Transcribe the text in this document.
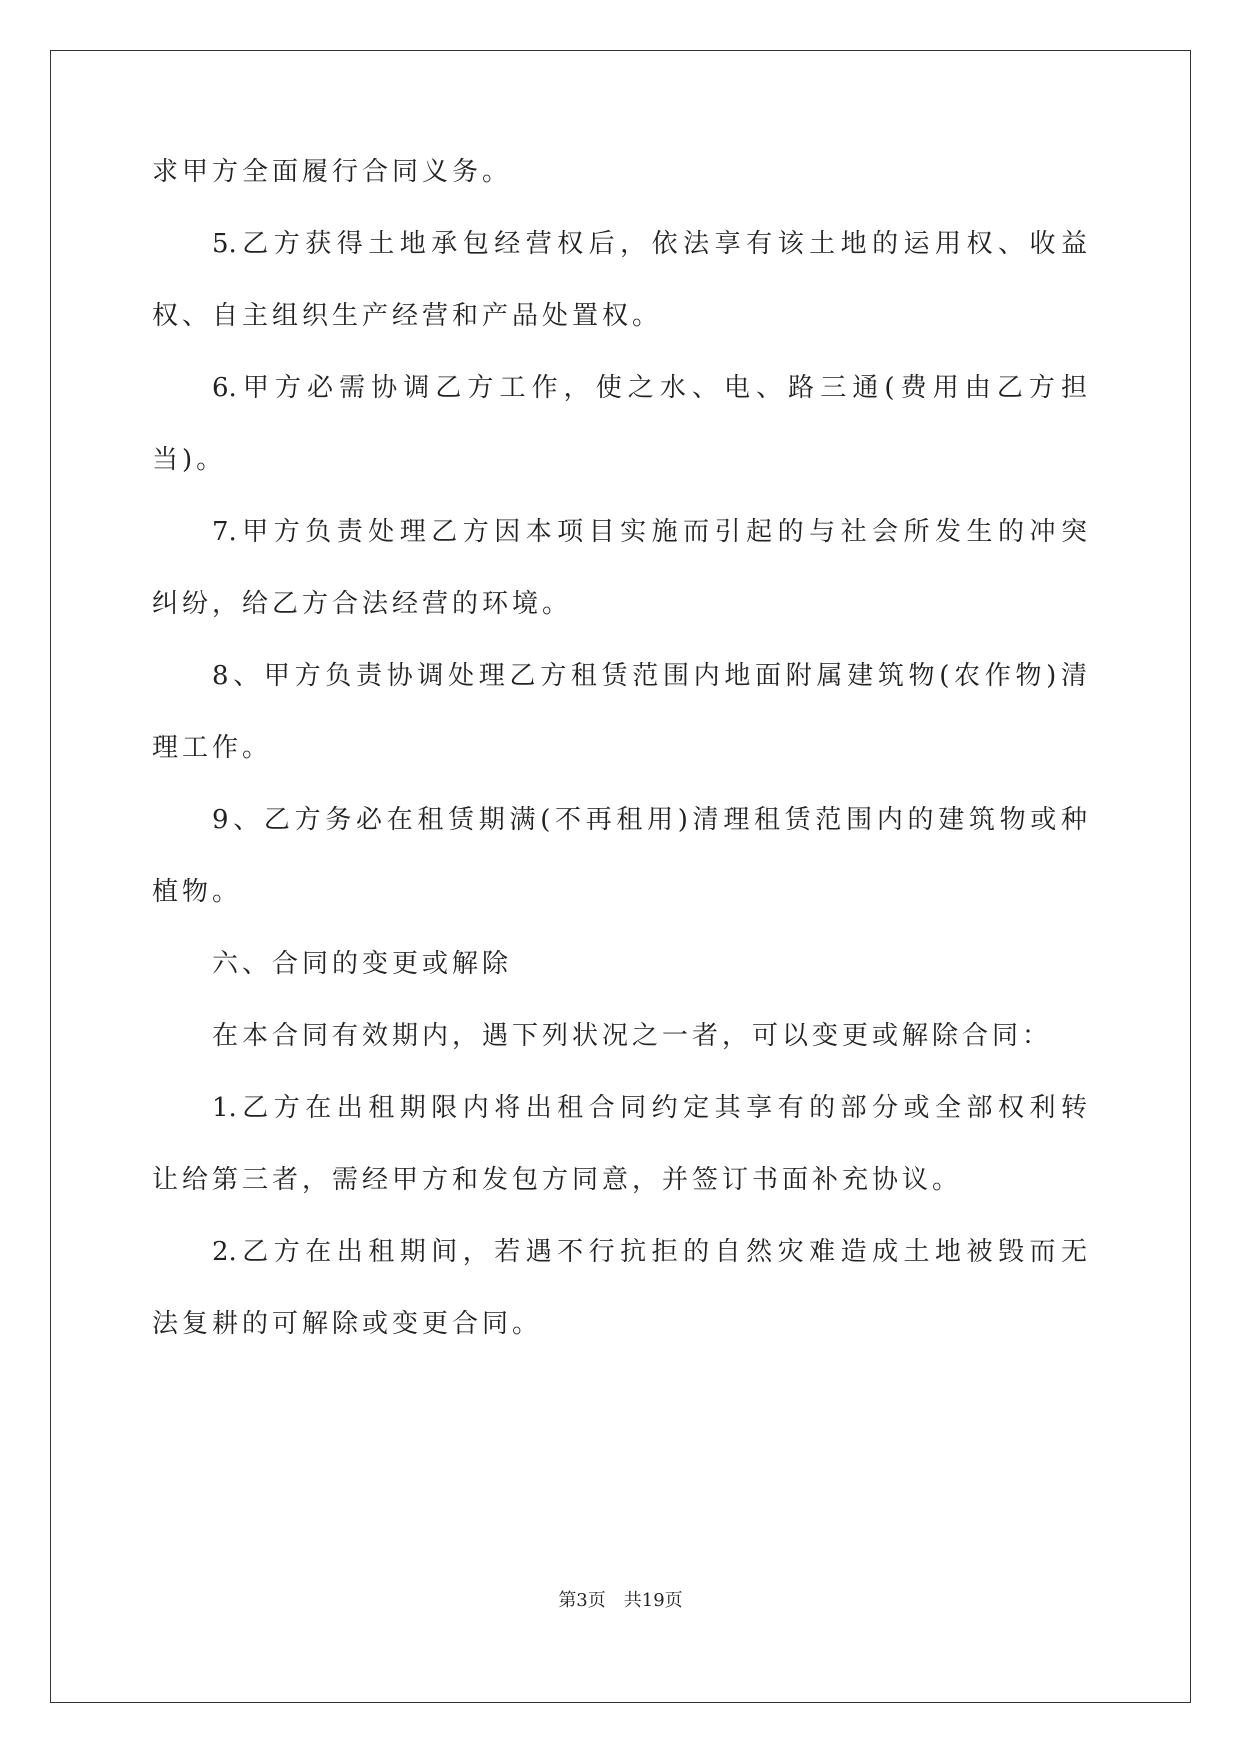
求甲方全面履行合同义务。

5.乙方获得土地承包经营权后，依法享有该土地的运用权、收益

权、自主组织生产经营和产品处置权。

6.甲方必需协调乙方工作，使之水、电、路三通(费用由乙方担

当)。

7.甲方负责处理乙方因本项目实施而引起的与社会所发生的冲突

纠纷，给乙方合法经营的环境。

8、甲方负责协调处理乙方租赁范围内地面附属建筑物(农作物)清

理工作。

9、乙方务必在租赁期满(不再租用)清理租赁范围内的建筑物或种

植物。

六、合同的变更或解除

在本合同有效期内，遇下列状况之一者，可以变更或解除合同：

1.乙方在出租期限内将出租合同约定其享有的部分或全部权利转

让给第三者，需经甲方和发包方同意，并签订书面补充协议。

2.乙方在出租期间，若遇不行抗拒的自然灾难造成土地被毁而无

法复耕的可解除或变更合同。

第3页 共19页
